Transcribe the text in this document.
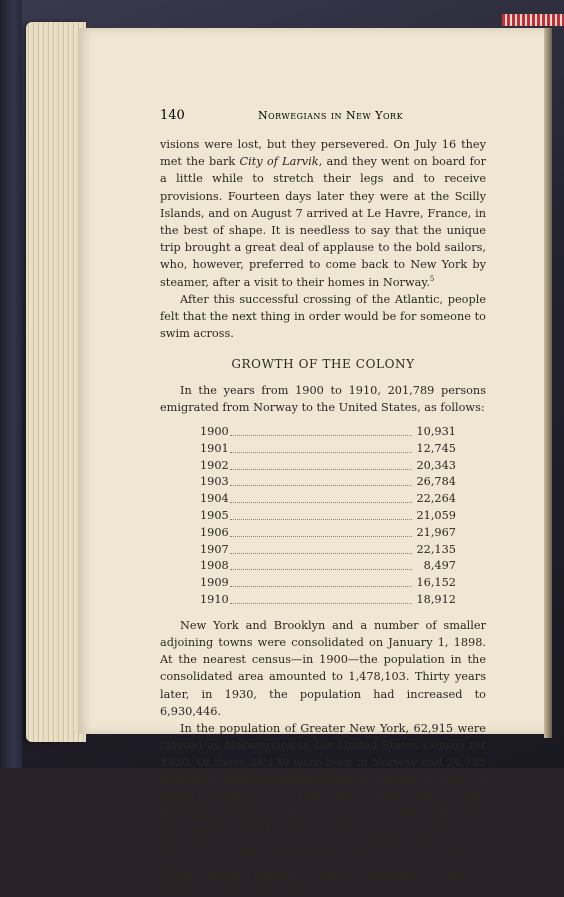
140	Norwegians in New York

visions were lost, but they persevered. On July 16 they met the bark City of Larvik, and they went on board for a little while to stretch their legs and to receive provisions. Fourteen days later they were at the Scilly Islands, and on August 7 arrived at Le Havre, France, in the best of shape. It is needless to say that the unique trip brought a great deal of applause to the bold sailors, who, however, preferred to come back to New York by steamer, after a visit to their homes in Norway.$^5$

After this successful crossing of the Atlantic, people felt that the next thing in order would be for someone to swim across.

GROWTH OF THE COLONY

In the years from 1900 to 1910, 201,789 persons emigrated from Norway to the United States, as follows:

1900	10,931
1901	12,745
1902	20,343
1903	26,784
1904	22,264
1905	21,059
1906	21,967
1907	22,135
1908	8,497
1909	16,152
1910	18,912

New York and Brooklyn and a number of smaller adjoining towns were consolidated on January 1, 1898. At the nearest census—in 1900—the population in the consolidated area amounted to 1,478,103. Thirty years later, in 1930, the population had increased to 6,930,446.

In the population of Greater New York, 62,915 were classed as Norwegians in the United States Census for 1930. Of these 38,130 were born in Norway and 24,785 were born here of parents born in Norway or were of mixed parentage. In 1900 there were only 11,387 Norwegian-born in the city. In 1910 this had been increased to 25,013 born in Norway and 12,392 born here of Norwegian immigrants, total 37,405. This may

$^5$Nordisk Tidende, February 7, August 7, September 4, 1896; January 29, 1907; March 28, 1912.
